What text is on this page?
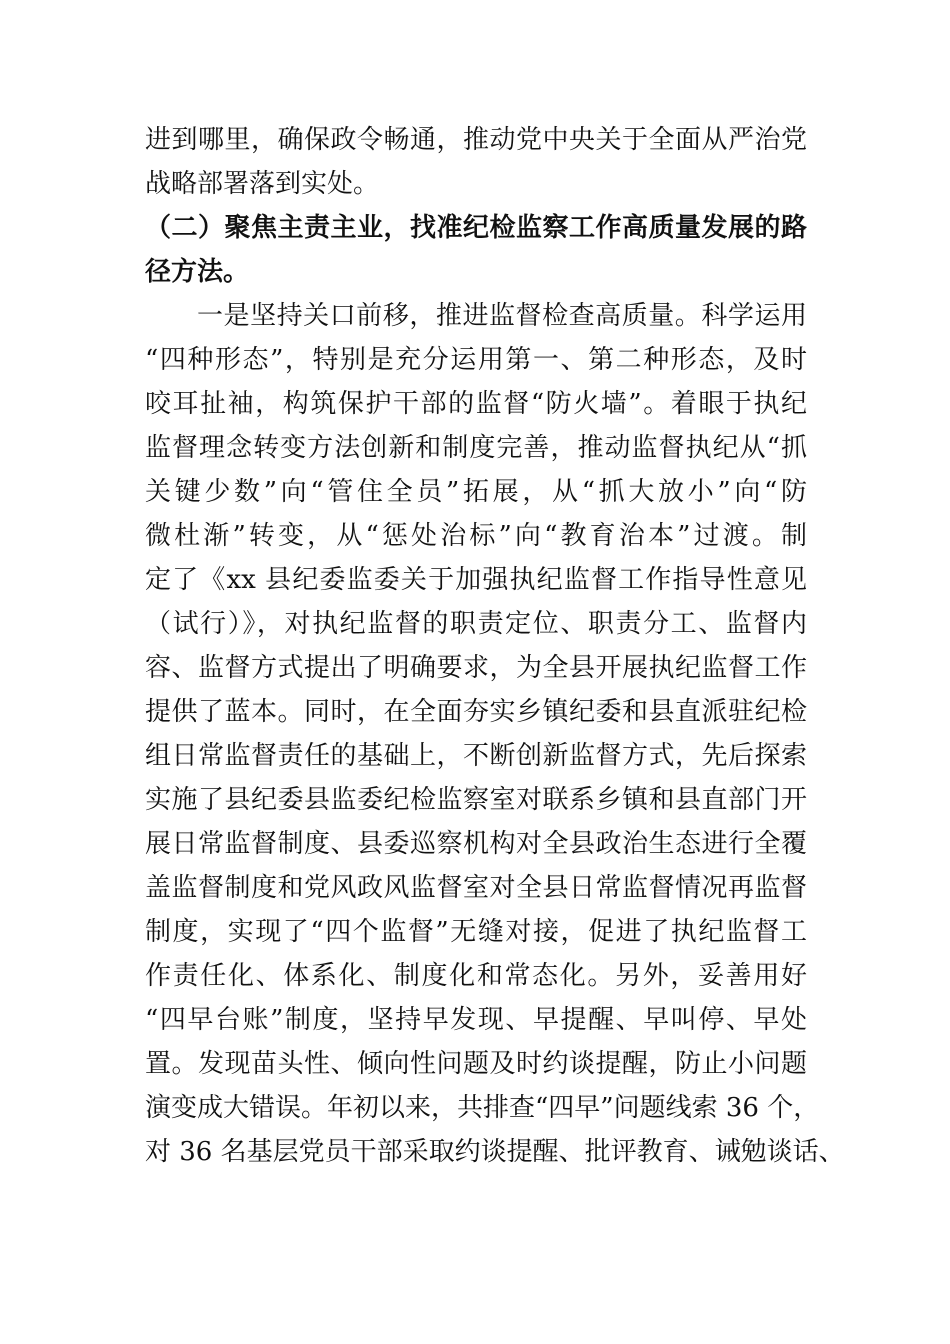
进到哪里，确保政令畅通，推动党中央关于全面从严治党
战略部署落到实处。
（二）聚焦主责主业，找准纪检监察工作高质量发展的路
径方法。
一是坚持关口前移，推进监督检查高质量。科学运用
“四种形态”，特别是充分运用第一、第二种形态，及时
咬耳扯袖，构筑保护干部的监督“防火墙”。着眼于执纪
监督理念转变方法创新和制度完善，推动监督执纪从“抓
关键少数”向“管住全员”拓展，从“抓大放小”向“防
微杜渐”转变，从“惩处治标”向“教育治本”过渡。制
定了《xx 县纪委监委关于加强执纪监督工作指导性意见
（试行）》，对执纪监督的职责定位、职责分工、监督内
容、监督方式提出了明确要求，为全县开展执纪监督工作
提供了蓝本。同时，在全面夯实乡镇纪委和县直派驻纪检
组日常监督责任的基础上，不断创新监督方式，先后探索
实施了县纪委县监委纪检监察室对联系乡镇和县直部门开
展日常监督制度、县委巡察机构对全县政治生态进行全覆
盖监督制度和党风政风监督室对全县日常监督情况再监督
制度，实现了“四个监督”无缝对接，促进了执纪监督工
作责任化、体系化、制度化和常态化。另外，妥善用好
“四早台账”制度，坚持早发现、早提醒、早叫停、早处
置。发现苗头性、倾向性问题及时约谈提醒，防止小问题
演变成大错误。年初以来，共排查“四早”问题线索 36 个，
对 36 名基层党员干部采取约谈提醒、批评教育、诫勉谈话、
